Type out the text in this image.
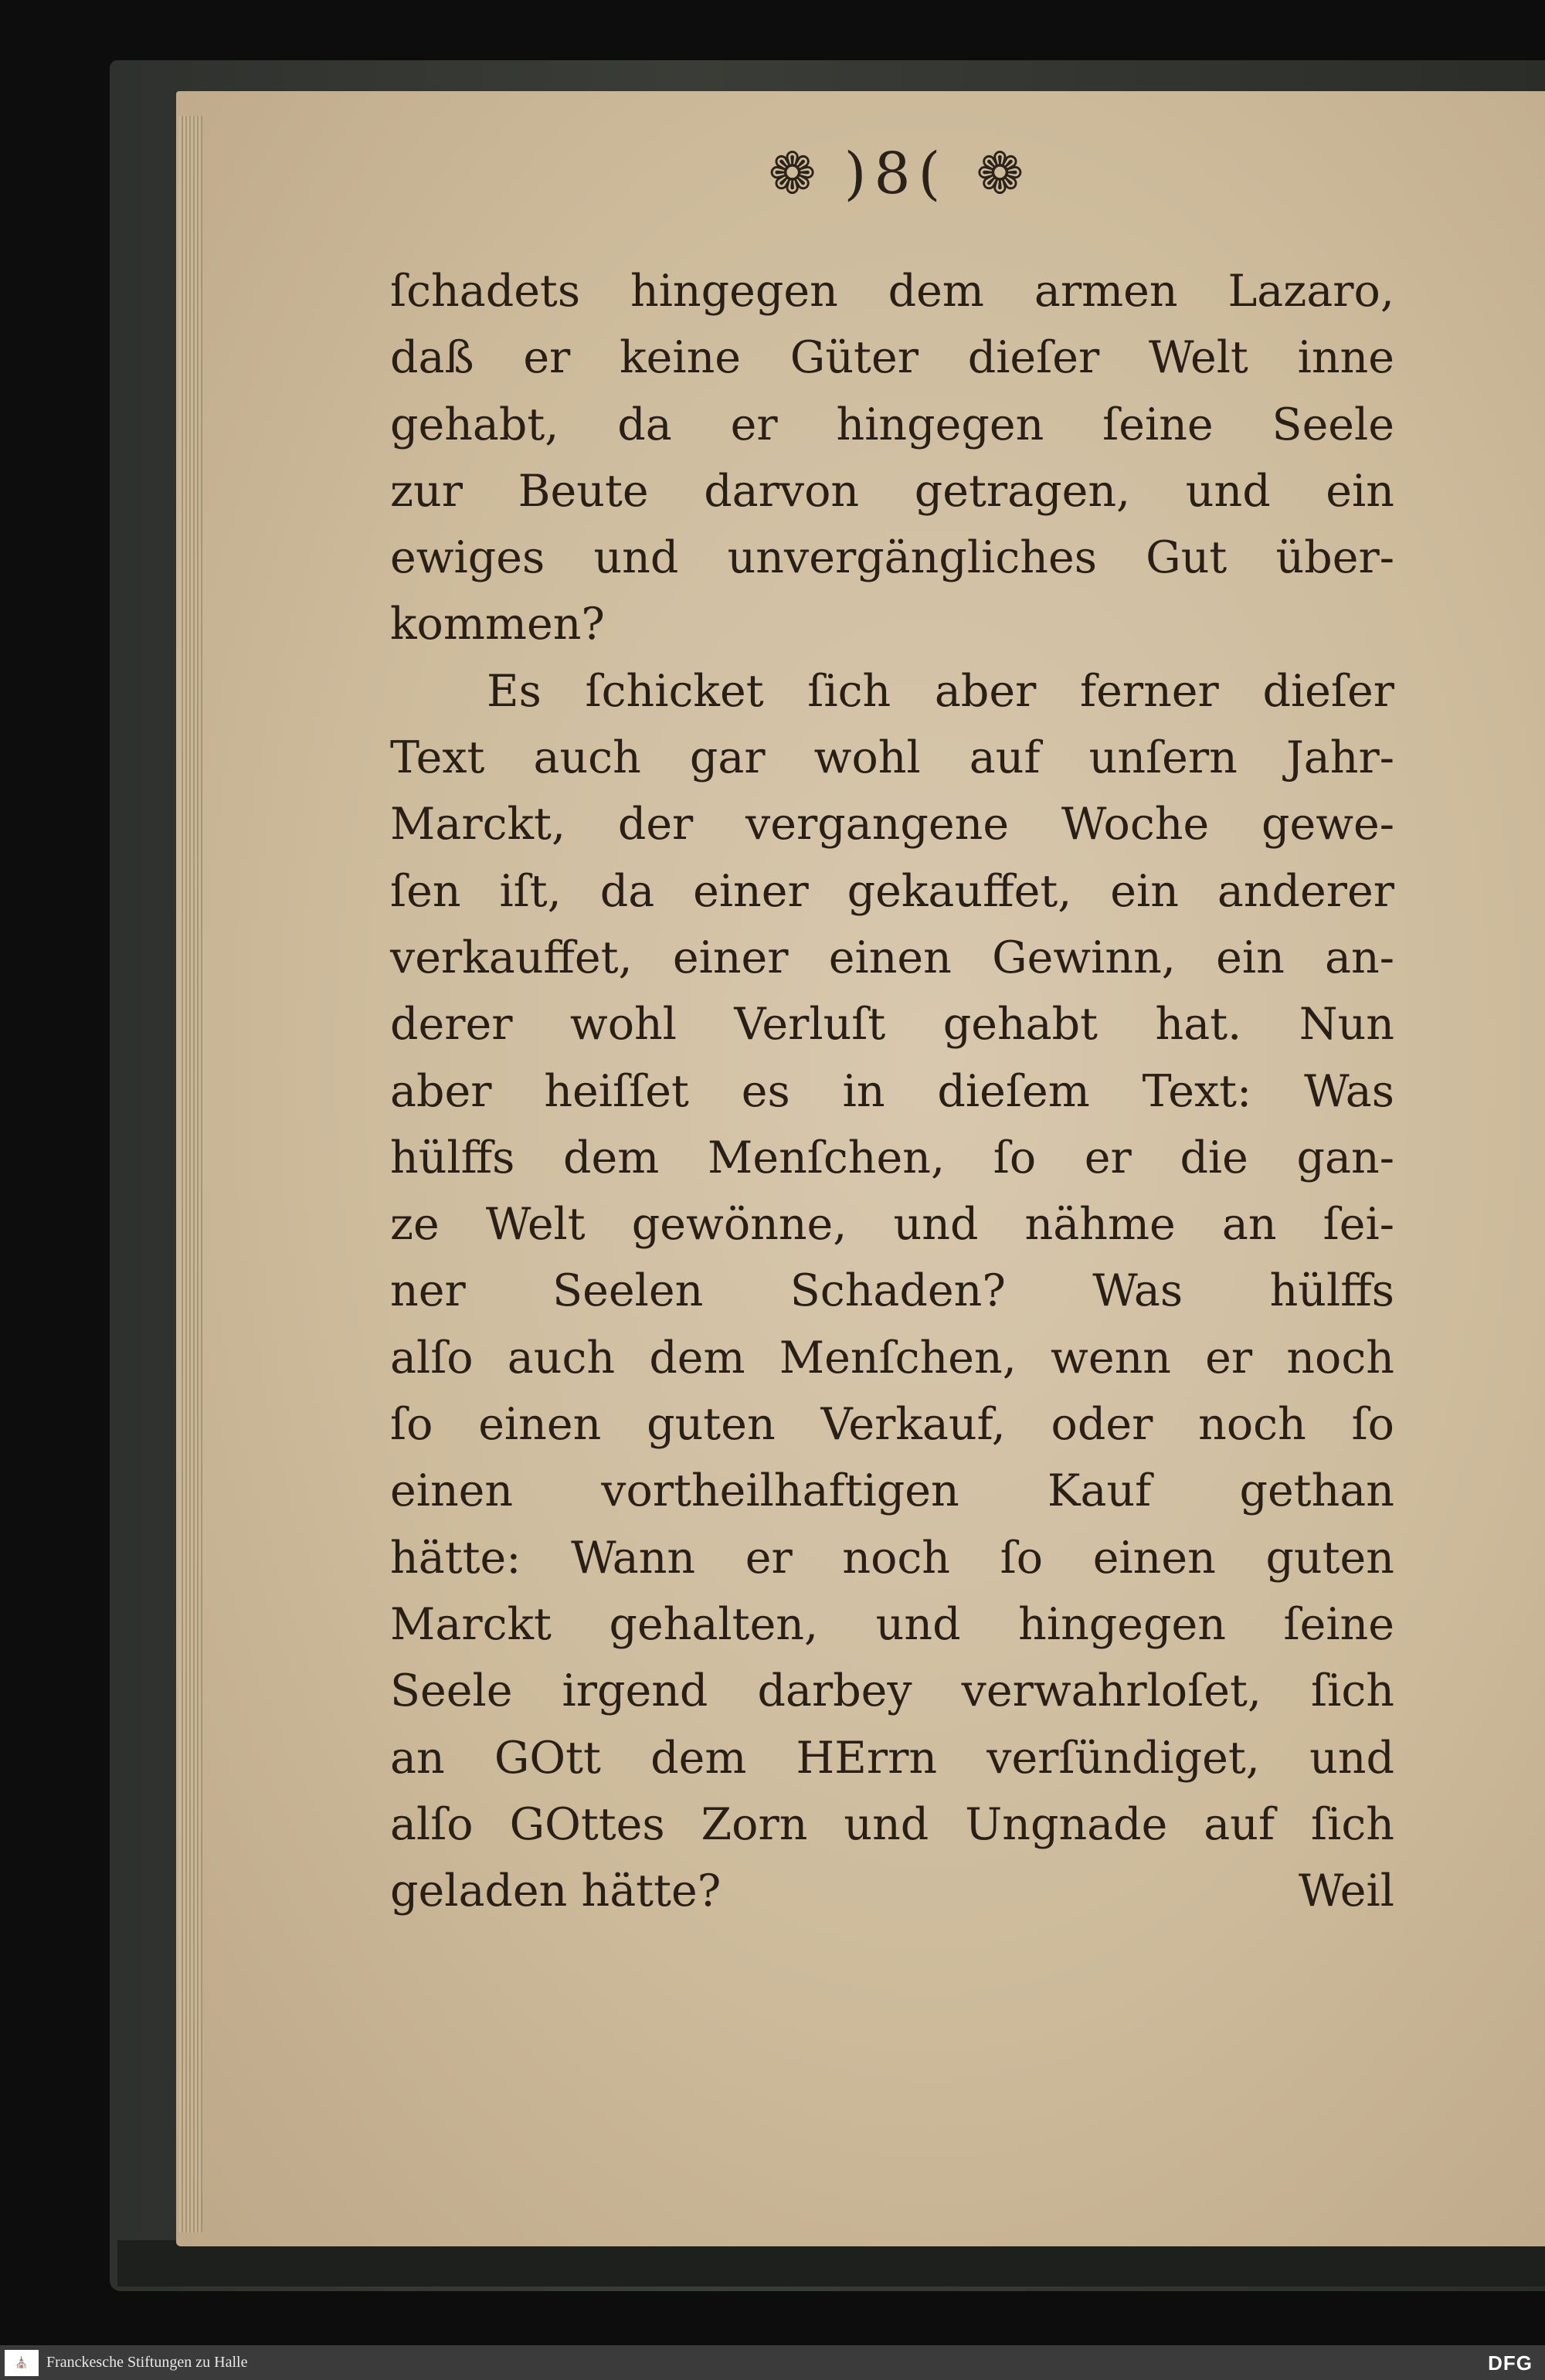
❁ )8( ❁
ſchadets hingegen dem armen Lazaro,
daß er keine Güter dieſer Welt inne
gehabt, da er hingegen ſeine Seele
zur Beute darvon getragen, und ein
ewiges und unvergängliches Gut über-
kommen?
Es ſchicket ſich aber ferner dieſer
Text auch gar wohl auf unſern Jahr-
Marckt, der vergangene Woche gewe-
ſen iſt, da einer gekauffet, ein anderer
verkauffet, einer einen Gewinn, ein an-
derer wohl Verluſt gehabt hat. Nun
aber heiſſet es in dieſem Text: Was
hülffs dem Menſchen, ſo er die gan-
ze Welt gewönne, und nähme an ſei-
ner Seelen Schaden? Was hülffs
alſo auch dem Menſchen, wenn er noch
ſo einen guten Verkauf, oder noch ſo
einen vortheilhaftigen Kauf gethan
hätte: Wann er noch ſo einen guten
Marckt gehalten, und hingegen ſeine
Seele irgend darbey verwahrloſet, ſich
an GOtt dem HErrn verſündiget, und
alſo GOttes Zorn und Ungnade auf ſich
geladen hätte?	Weil
⛪	Franckesche Stiftungen zu Halle	DFG
